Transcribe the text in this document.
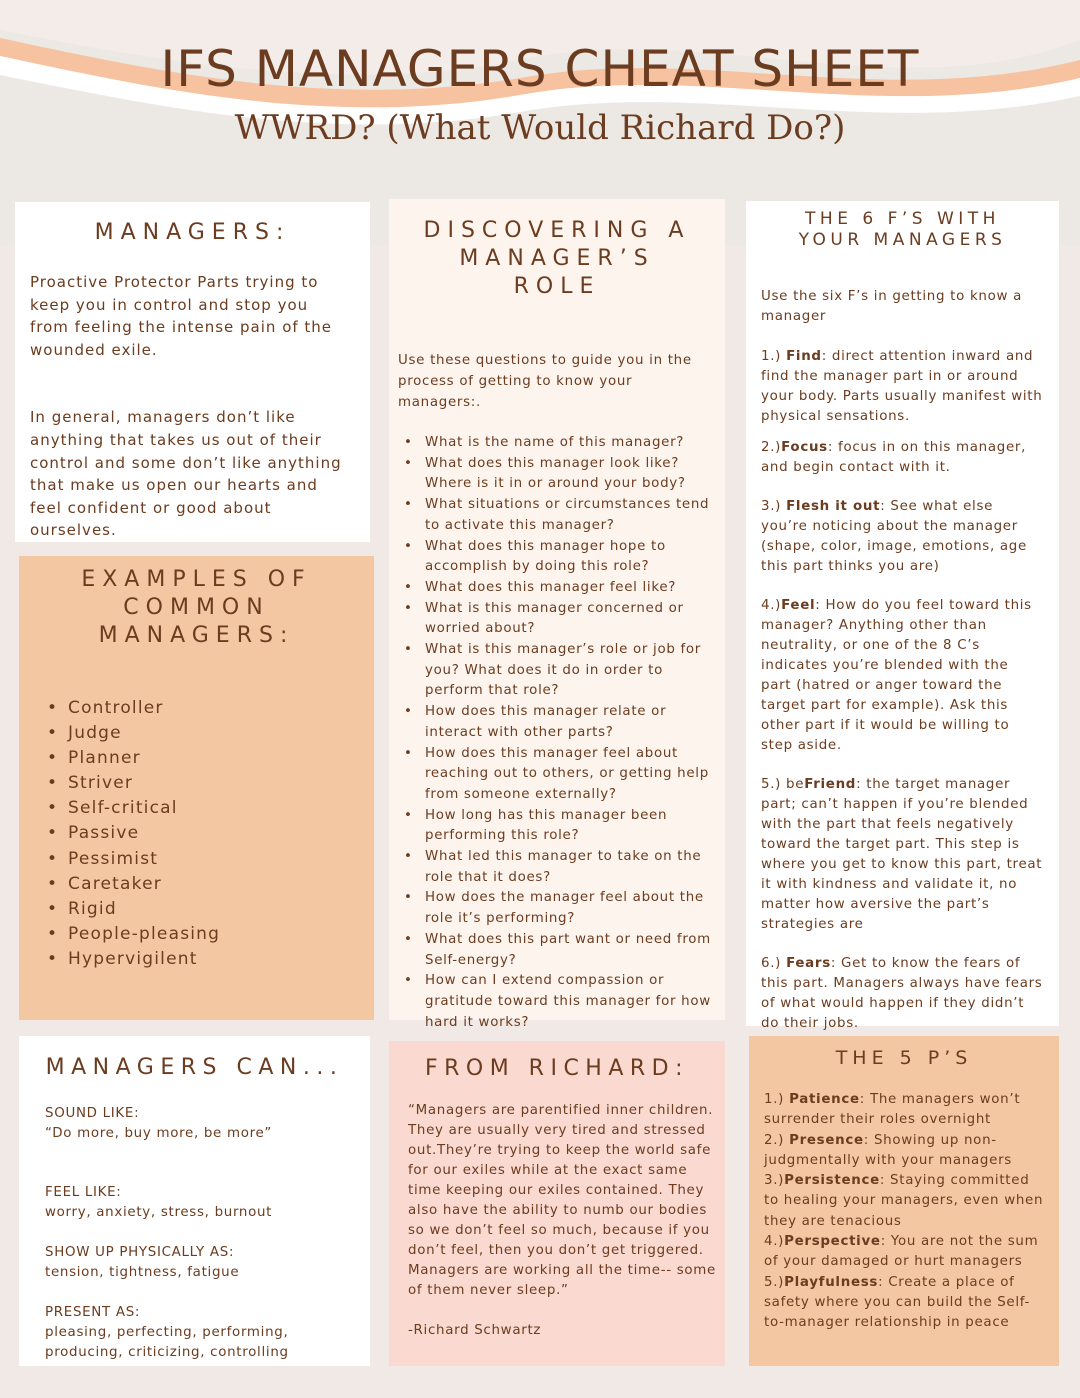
IFS MANAGERS CHEAT SHEET
WWRD? (What Would Richard Do?)
MANAGERS:
Proactive Protector Parts trying to keep you in control and stop you from feeling the intense pain of the wounded exile.
In general, managers don’t like anything that takes us out of their control and some don’t like anything that make us open our hearts and feel confident or good about ourselves.
EXAMPLES OF COMMON MANAGERS:
• Controller
• Judge
• Planner
• Striver
• Self-critical
• Passive
• Pessimist
• Caretaker
• Rigid
• People-pleasing
• Hypervigilent
DISCOVERING A MANAGER’S ROLE
Use these questions to guide you in the process of getting to know your managers:.
• What is the name of this manager?
• What does this manager look like? Where is it in or around your body?
• What situations or circumstances tend to activate this manager?
• What does this manager hope to accomplish by doing this role?
• What does this manager feel like?
• What is this manager concerned or worried about?
• What is this manager’s role or job for you? What does it do in order to perform that role?
• How does this manager relate or interact with other parts?
• How does this manager feel about reaching out to others, or getting help from someone externally?
• How long has this manager been performing this role?
• What led this manager to take on the role that it does?
• How does the manager feel about the role it’s performing?
• What does this part want or need from Self-energy?
• How can I extend compassion or gratitude toward this manager for how hard it works?
THE 6 F’S WITH YOUR MANAGERS
Use the six F’s in getting to know a manager
1.) Find: direct attention inward and find the manager part in or around your body. Parts usually manifest with physical sensations.
2.)Focus: focus in on this manager, and begin contact with it.
3.) Flesh it out: See what else you’re noticing about the manager (shape, color, image, emotions, age this part thinks you are)
4.)Feel: How do you feel toward this manager? Anything other than neutrality, or one of the 8 C’s indicates you’re blended with the part (hatred or anger toward the target part for example). Ask this other part if it would be willing to step aside.
5.) beFriend: the target manager part; can’t happen if you’re blended with the part that feels negatively toward the target part. This step is where you get to know this part, treat it with kindness and validate it, no matter how aversive the part’s strategies are
6.) Fears: Get to know the fears of this part. Managers always have fears of what would happen if they didn’t do their jobs.
MANAGERS CAN...
SOUND LIKE:
“Do more, buy more, be more”
FEEL LIKE:
worry, anxiety, stress, burnout
SHOW UP PHYSICALLY AS:
tension, tightness, fatigue
PRESENT AS:
pleasing, perfecting, performing, producing, criticizing, controlling
FROM RICHARD:
“Managers are parentified inner children. They are usually very tired and stressed out.They’re trying to keep the world safe for our exiles while at the exact same time keeping our exiles contained. They also have the ability to numb our bodies so we don’t feel so much, because if you don’t feel, then you don’t get triggered. Managers are working all the time-- some of them never sleep.”
-Richard Schwartz
THE 5 P’S
1.) Patience: The managers won’t surrender their roles overnight
2.) Presence: Showing up non-judgmentally with your managers
3.)Persistence: Staying committed to healing your managers, even when they are tenacious
4.)Perspective: You are not the sum of your damaged or hurt managers
5.)Playfulness: Create a place of safety where you can build the Self-to-manager relationship in peace
